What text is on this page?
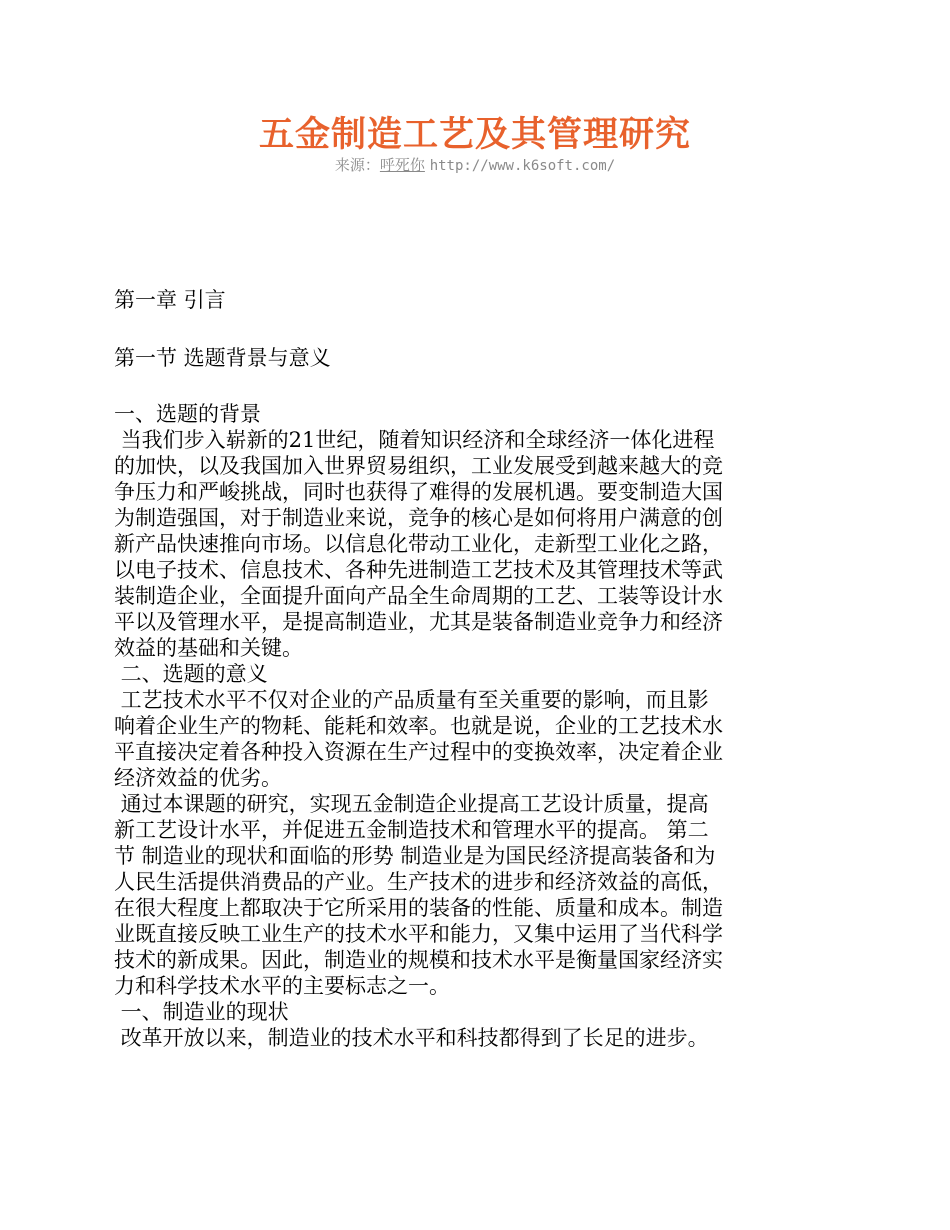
五金制造工艺及其管理研究
来源：呼死你 http://www.k6soft.com/
第一章 引言
第一节 选题背景与意义
一、选题的背景
当我们步入崭新的21世纪，随着知识经济和全球经济一体化进程
的加快，以及我国加入世界贸易组织，工业发展受到越来越大的竞
争压力和严峻挑战，同时也获得了难得的发展机遇。要变制造大国
为制造强国，对于制造业来说，竞争的核心是如何将用户满意的创
新产品快速推向市场。以信息化带动工业化，走新型工业化之路，
以电子技术、信息技术、各种先进制造工艺技术及其管理技术等武
装制造企业，全面提升面向产品全生命周期的工艺、工装等设计水
平以及管理水平，是提高制造业，尤其是装备制造业竞争力和经济
效益的基础和关键。
二、选题的意义
工艺技术水平不仅对企业的产品质量有至关重要的影响，而且影
响着企业生产的物耗、能耗和效率。也就是说，企业的工艺技术水
平直接决定着各种投入资源在生产过程中的变换效率，决定着企业
经济效益的优劣。
通过本课题的研究，实现五金制造企业提高工艺设计质量，提高
新工艺设计水平，并促进五金制造技术和管理水平的提高。 第二
节 制造业的现状和面临的形势 制造业是为国民经济提高装备和为
人民生活提供消费品的产业。生产技术的进步和经济效益的高低，
在很大程度上都取决于它所采用的装备的性能、质量和成本。制造
业既直接反映工业生产的技术水平和能力，又集中运用了当代科学
技术的新成果。因此，制造业的规模和技术水平是衡量国家经济实
力和科学技术水平的主要标志之一。
一、制造业的现状
改革开放以来，制造业的技术水平和科技都得到了长足的进步。
